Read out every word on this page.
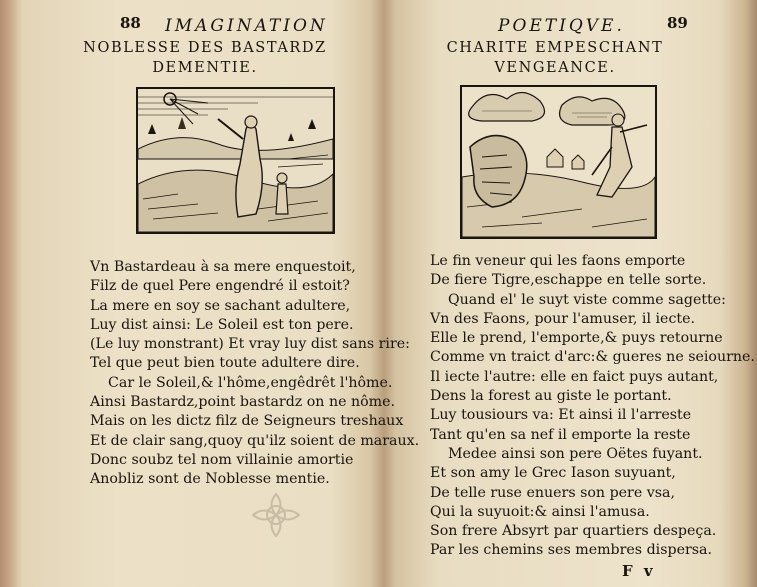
88 IMAGINATION
NOBLESSE DES BASTARDZ
DEMENTIE.
Vn Bastardeau à sa mere enquestoit,
Filz de quel Pere engendré il estoit?
La mere en soy se sachant adultere,
Luy dist ainsi: Le Soleil est ton pere.
(Le luy monstrant) Et vray luy dist sans rire:
Tel que peut bien toute adultere dire.
Car le Soleil,& l'hôme,engêdrêt l'hôme.
Ainsi Bastardz,point bastardz on ne nôme.
Mais on les dictz filz de Seigneurs treshaux
Et de clair sang,quoy qu'ilz soient de maraux.
Donc soubz tel nom villainie amortie
Anobliz sont de Noblesse mentie.
POETIQVE.	89
CHARITE EMPESCHANT
VENGEANCE.
Le fin veneur qui les faons emporte
De fiere Tigre,eschappe en telle sorte.
Quand el' le suyt viste comme sagette:
Vn des Faons, pour l'amuser, il iecte.
Elle le prend, l'emporte,& puys retourne
Comme vn traict d'arc:& gueres ne seiourne.
Il iecte l'autre: elle en faict puys autant,
Dens la forest au giste le portant.
Luy tousiours va: Et ainsi il l'arreste
Tant qu'en sa nef il emporte la reste
Medee ainsi son pere Oëtes fuyant.
Et son amy le Grec Iason suyuant,
De telle ruse enuers son pere vsa,
Qui la suyuoit:& ainsi l'amusa.
Son frere Absyrt par quartiers despeça.
Par les chemins ses membres dispersa.
F v
